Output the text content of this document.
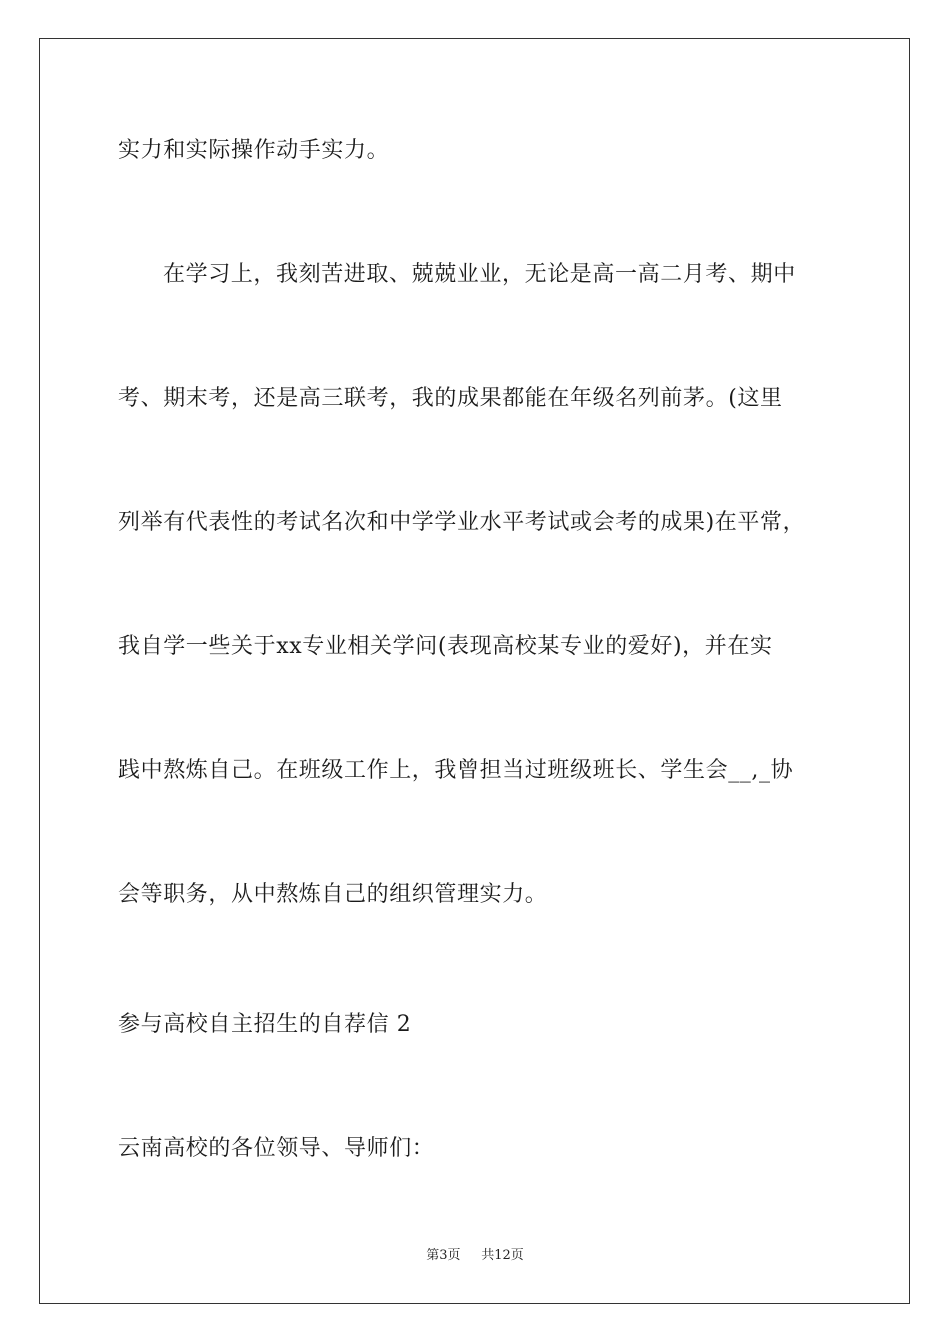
实力和实际操作动手实力。
在学习上，我刻苦进取、兢兢业业，无论是高一高二月考、期中
考、期末考，还是高三联考，我的成果都能在年级名列前茅。(这里
列举有代表性的考试名次和中学学业水平考试或会考的成果)在平常，
我自学一些关于xx专业相关学问(表现高校某专业的爱好)，并在实
践中熬炼自己。在班级工作上，我曾担当过班级班长、学生会__,_协
会等职务，从中熬炼自己的组织管理实力。
参与高校自主招生的自荐信 2
云南高校的各位领导、导师们：
第3页 共12页
